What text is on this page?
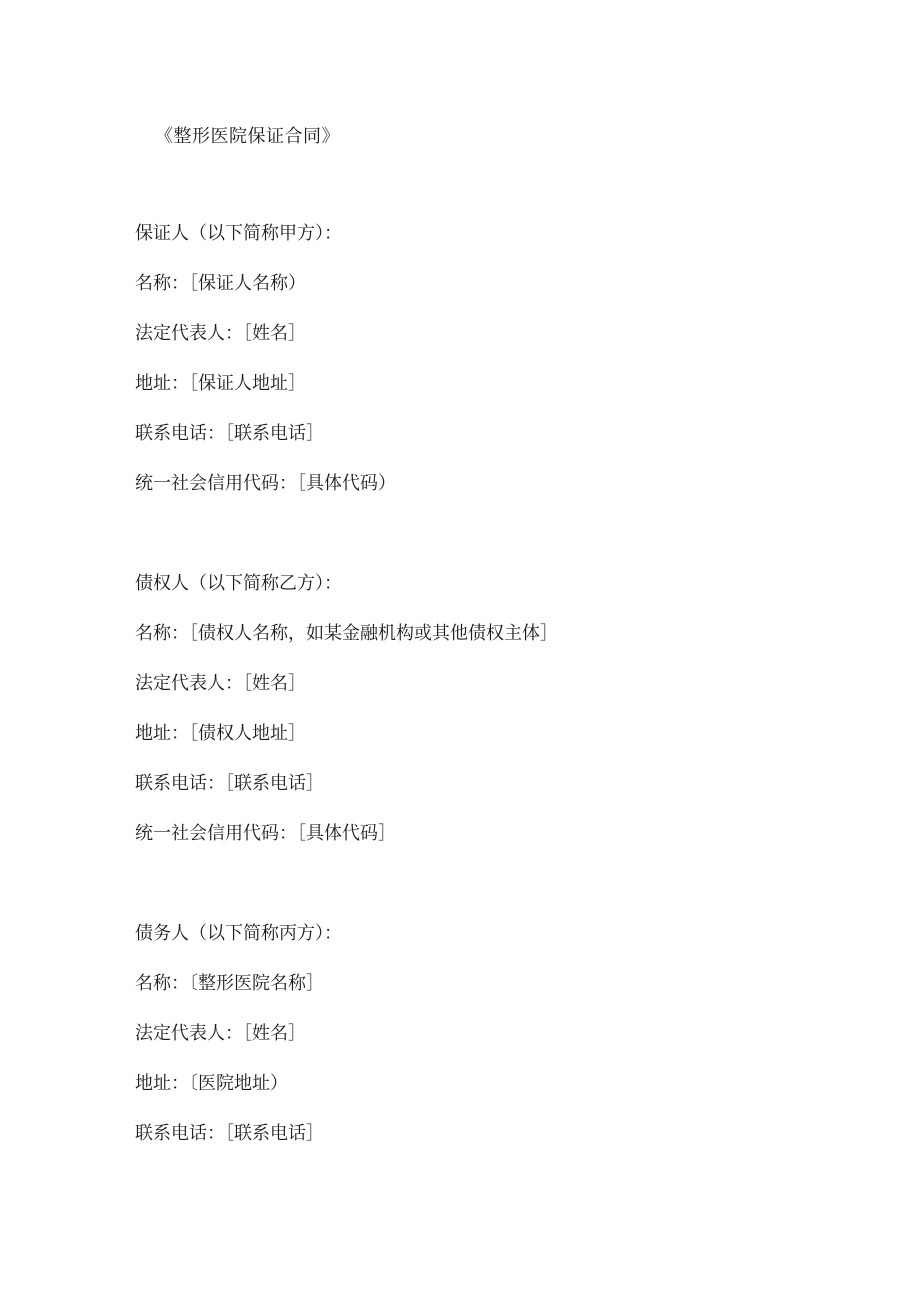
《整形医院保证合同》
保证人（以下简称甲方）：
名称：［保证人名称）
法定代表人：［姓名］
地址：［保证人地址］
联系电话：［联系电话］
统一社会信用代码：［具体代码）
债权人（以下简称乙方）：
名称：［债权人名称，如某金融机构或其他债权主体］
法定代表人：［姓名］
地址：［债权人地址］
联系电话：［联系电话］
统一社会信用代码：［具体代码］
债务人（以下简称丙方）：
名称：〔整形医院名称］
法定代表人：［姓名］
地址：〔医院地址）
联系电话：［联系电话］
